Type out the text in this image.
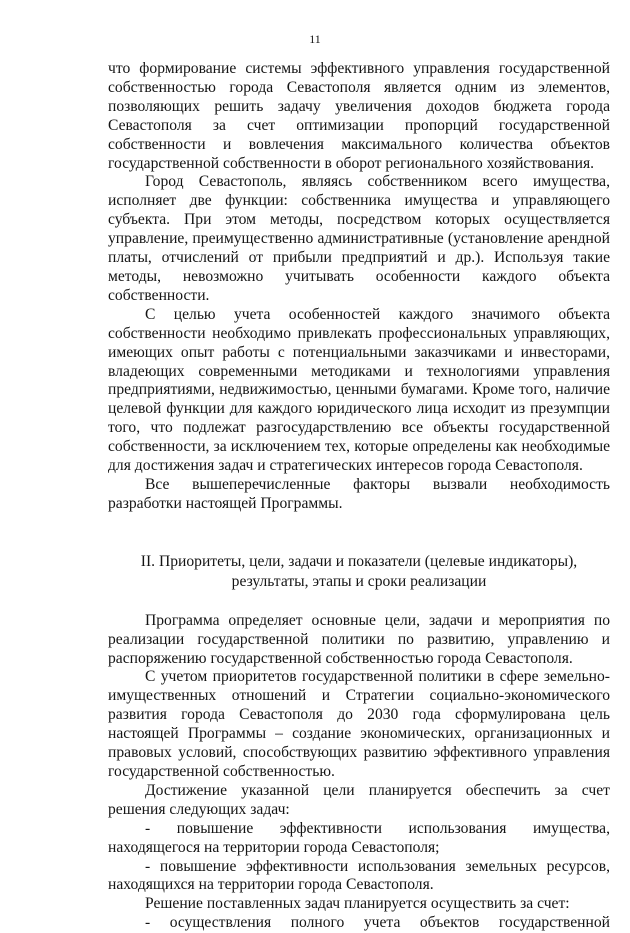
11

что формирование системы эффективного управления государственной собственностью города Севастополя является одним из элементов, позволяющих решить задачу увеличения доходов бюджета города Севастополя за счет оптимизации пропорций государственной собственности и вовлечения максимального количества объектов государственной собственности в оборот регионального хозяйствования.

Город Севастополь, являясь собственником всего имущества, исполняет две функции: собственника имущества и управляющего субъекта. При этом методы, посредством которых осуществляется управление, преимущественно административные (установление арендной платы, отчислений от прибыли предприятий и др.). Используя такие методы, невозможно учитывать особенности каждого объекта собственности.

С целью учета особенностей каждого значимого объекта собственности необходимо привлекать профессиональных управляющих, имеющих опыт работы с потенциальными заказчиками и инвесторами, владеющих современными методиками и технологиями управления предприятиями, недвижимостью, ценными бумагами. Кроме того, наличие целевой функции для каждого юридического лица исходит из презумпции того, что подлежат разгосударствлению все объекты государственной собственности, за исключением тех, которые определены как необходимые для достижения задач и стратегических интересов города Севастополя.

Все вышеперечисленные факторы вызвали необходимость разработки настоящей Программы.

II. Приоритеты, цели, задачи и показатели (целевые индикаторы),
результаты, этапы и сроки реализации

Программа определяет основные цели, задачи и мероприятия по реализации государственной политики по развитию, управлению и распоряжению государственной собственностью города Севастополя.

С учетом приоритетов государственной политики в сфере земельно-имущественных отношений и Стратегии социально-экономического развития города Севастополя до 2030 года сформулирована цель настоящей Программы – создание экономических, организационных и правовых условий, способствующих развитию эффективного управления государственной собственностью.

Достижение указанной цели планируется обеспечить за счет решения следующих задач:

- повышение эффективности использования имущества, находящегося на территории города Севастополя;

- повышение эффективности использования земельных ресурсов, находящихся на территории города Севастополя.

Решение поставленных задач планируется осуществить за счет:

- осуществления полного учета объектов государственной
